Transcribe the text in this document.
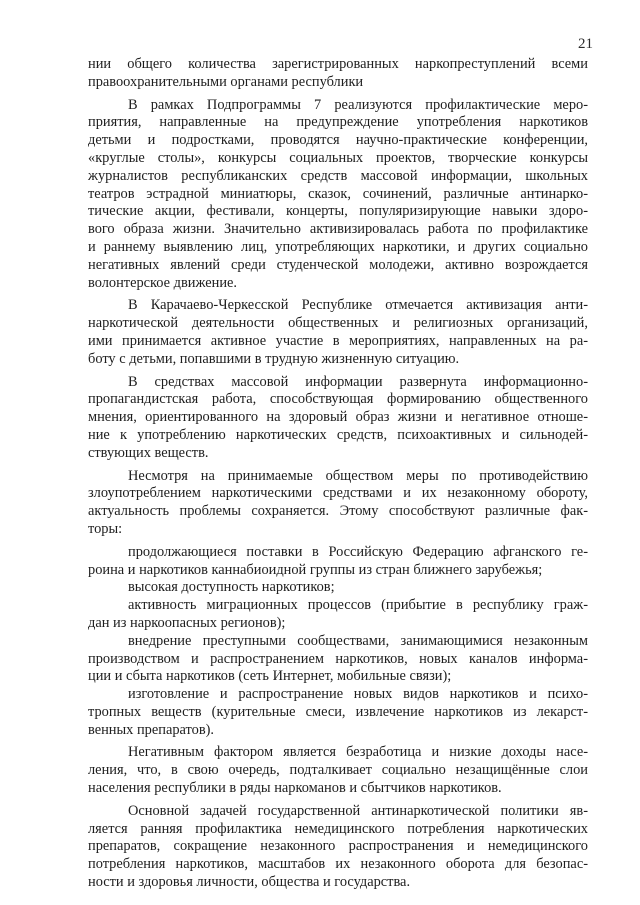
21

нии общего количества зарегистрированных наркопреступлений всеми
правоохранительными органами республики

В рамках Подпрограммы 7 реализуются профилактические меро-
приятия, направленные на предупреждение употребления наркотиков
детьми и подростками, проводятся научно-практические конференции,
«круглые столы», конкурсы социальных проектов, творческие конкурсы
журналистов республиканских средств массовой информации, школьных
театров эстрадной миниатюры, сказок, сочинений, различные антинарко-
тические акции, фестивали, концерты, популяризирующие навыки здоро-
вого образа жизни. Значительно активизировалась работа по профилактике
и раннему выявлению лиц, употребляющих наркотики, и других социально
негативных явлений среди студенческой молодежи, активно возрождается
волонтерское движение.

В Карачаево-Черкесской Республике отмечается активизация анти-
наркотической деятельности общественных и религиозных организаций,
ими принимается активное участие в мероприятиях, направленных на ра-
боту с детьми, попавшими в трудную жизненную ситуацию.

В средствах массовой информации развернута информационно-
пропагандистская работа, способствующая формированию общественного
мнения, ориентированного на здоровый образ жизни и негативное отноше-
ние к употреблению наркотических средств, психоактивных и сильнодей-
ствующих веществ.

Несмотря на принимаемые обществом меры по противодействию
злоупотреблением наркотическими средствами и их незаконному обороту,
актуальность проблемы сохраняется. Этому способствуют различные фак-
торы:

продолжающиеся поставки в Российскую Федерацию афганского ге-
роина и наркотиков каннабиоидной группы из стран ближнего зарубежья;

высокая доступность наркотиков;

активность миграционных процессов (прибытие в республику граж-
дан из наркоопасных регионов);

внедрение преступными сообществами, занимающимися незаконным
производством и распространением наркотиков, новых каналов информа-
ции и сбыта наркотиков (сеть Интернет, мобильные связи);

изготовление и распространение новых видов наркотиков и психо-
тропных веществ (курительные смеси, извлечение наркотиков из лекарст-
венных препаратов).

Негативным фактором является безработица и низкие доходы насе-
ления, что, в свою очередь, подталкивает социально незащищённые слои
населения республики в ряды наркоманов и сбытчиков наркотиков.

Основной задачей государственной антинаркотической политики яв-
ляется ранняя профилактика немедицинского потребления наркотических
препаратов, сокращение незаконного распространения и немедицинского
потребления наркотиков, масштабов их незаконного оборота для безопас-
ности и здоровья личности, общества и государства.
